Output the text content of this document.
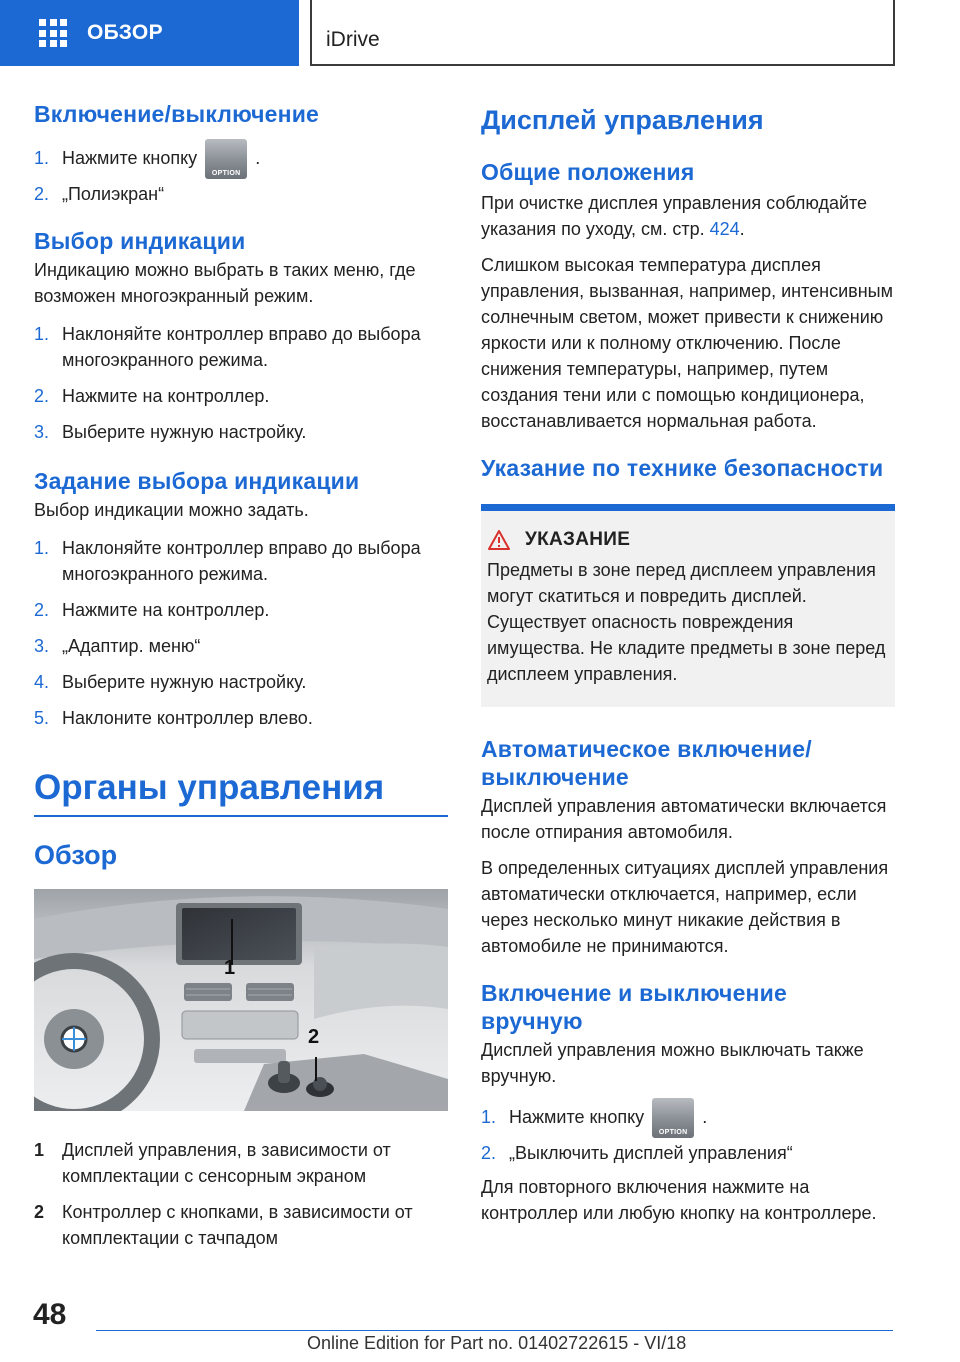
ОБЗОР	iDrive
Включение/выключение
1. Нажмите кнопку
OPTION
.
2. „Полиэкран“
Выбор индикации

Индикацию можно выбрать в таких меню, где возможен многоэкранный режим.

1. Наклоняйте контроллер вправо до выбора многоэкранного режима.
2. Нажмите на контроллер.
3. Выберите нужную настройку.
Задание выбора индикации

Выбор индикации можно задать.

1. Наклоняйте контроллер вправо до выбора многоэкранного режима.
2. Нажмите на контроллер.
3. „Адаптир. меню“
4. Выберите нужную настройку.
5. Наклоните контроллер влево.
Органы управления
Обзор
1
2
1 Дисплей управления, в зависимости от комплектации с сенсорным экраном
2 Контроллер с кнопками, в зависимости от комплектации с тачпадом
Дисплей управления
Общие положения

При очистке дисплея управления соблюдайте указания по уходу, см. стр. 424.

Слишком высокая температура дисплея управления, вызванная, например, интенсивным солнечным светом, может привести к снижению яркости или к полному отключению. После снижения температуры, например, путем создания тени или с помощью кондиционера, восстанавливается нормальная работа.

Указание по технике безопасности
УКАЗАНИЕ

Предметы в зоне перед дисплеем управления могут скатиться и повредить дисплей. Существует опасность повреждения имущества. Не кладите предметы в зоне перед дисплеем управления.

Автоматическое включение/выключение

Дисплей управления автоматически включается после отпирания автомобиля.

В определенных ситуациях дисплей управления автоматически отключается, например, если через несколько минут никакие действия в автомобиле не принимаются.

Включение и выключение вручную

Дисплей управления можно выключать также вручную.

1. Нажмите кнопку
OPTION
.
2. „Выключить дисплей управления“

Для повторного включения нажмите на контроллер или любую кнопку на контроллере.

48
Online Edition for Part no. 01402722615 - VI/18
